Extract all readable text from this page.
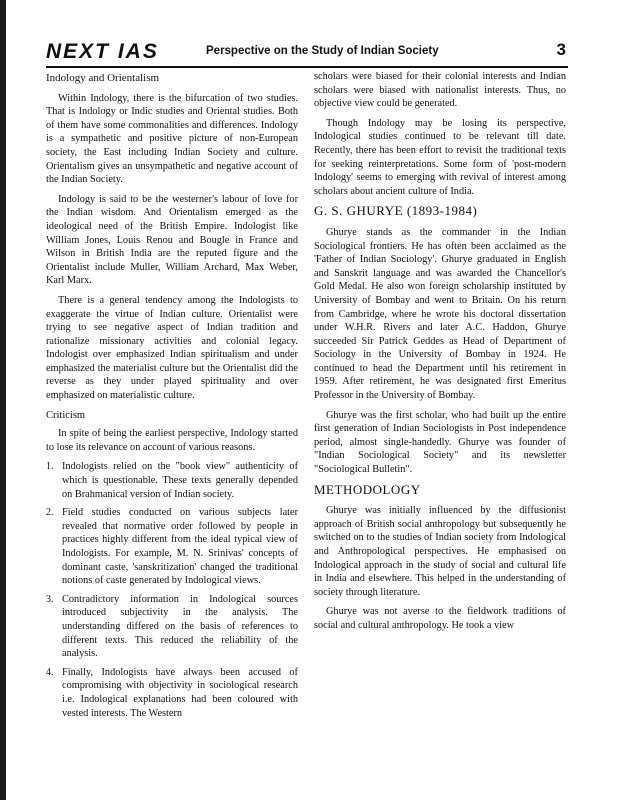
NEXT IAS	Perspective on the Study of Indian Society	3
Indology and Orientalism

Within Indology, there is the bifurcation of two studies. That is Indology or Indic studies and Oriental studies. Both of them have some commonalities and differences. Indology is a sympathetic and positive picture of non-European society, the East including Indian Society and culture. Orientalism gives an unsympathetic and negative account of the Indian Society.

Indology is said to be the westerner's labour of love for the Indian wisdom. And Orientalism emerged as the ideological need of the British Empire. Indologist like William Jones, Louis Renou and Bougle in France and Wilson in British India are the reputed figure and the Orientalist include Muller, William Archard, Max Weber, Karl Marx.

There is a general tendency among the Indologists to exaggerate the virtue of Indian culture. Orientalist were trying to see negative aspect of Indian tradition and rationalize missionary activities and colonial legacy. Indologist over emphasized Indian spiritualism and under emphasized the materialist culture but the Orientalist did the reverse as they under played spirituality and over emphasized on materialistic culture.

Criticism

In spite of being the earliest perspective, Indology started to lose its relevance on account of various reasons.

1. Indologists relied on the "book view" authenticity of which is questionable. These texts generally depended on Brahmanical version of Indian society.
2. Field studies conducted on various subjects later revealed that normative order followed by people in practices highly different from the ideal typical view of Indologists. For example, M. N. Srinivas' concepts of dominant caste, 'sanskritization' changed the traditional notions of caste generated by Indological views.
3. Contradictory information in Indological sources introduced subjectivity in the analysis. The understanding differed on the basis of references to different texts. This reduced the reliability of the analysis.
4. Finally, Indologists have always been accused of compromising with objectivity in sociological research i.e. Indological explanations had been coloured with vested interests. The Western

scholars were biased for their colonial interests and Indian scholars were biased with nationalist interests. Thus, no objective view could be generated.

Though Indology may be losing its perspective, Indological studies continued to be relevant till date. Recently, there has been effort to revisit the traditional texts for seeking reinterpretations. Some form of 'post-modern Indology' seems to emerging with revival of interest among scholars about ancient culture of India.

G. S. GHURYE (1893-1984)

Ghurye stands as the commander in the Indian Sociological frontiers. He has often been acclaimed as the 'Father of Indian Sociology'. Ghurye graduated in English and Sanskrit language and was awarded the Chancellor's Gold Medal. He also won foreign scholarship instituted by University of Bombay and went to Britain. On his return from Cambridge, where he wrote his doctoral dissertation under W.H.R. Rivers and later A.C. Haddon, Ghurye succeeded Sir Patrick Geddes as Head of Department of Sociology in the University of Bombay in 1924. He continued to head the Department until his retirement in 1959. After retirement, he was designated first Emeritus Professor in the University of Bombay.

Ghurye was the first scholar, who had built up the entire first generation of Indian Sociologists in Post independence period, almost single-handedly. Ghurye was founder of "Indian Sociological Society" and its newsletter "Sociological Bulletin".

METHODOLOGY

Ghurye was initially influenced by the diffusionist approach of British social anthropology but subsequently he switched on to the studies of Indian society from Indological and Anthropological perspectives. He emphasised on Indological approach in the study of social and cultural life in India and elsewhere. This helped in the understanding of society through literature.

Ghurye was not averse to the fieldwork traditions of social and cultural anthropology. He took a view
